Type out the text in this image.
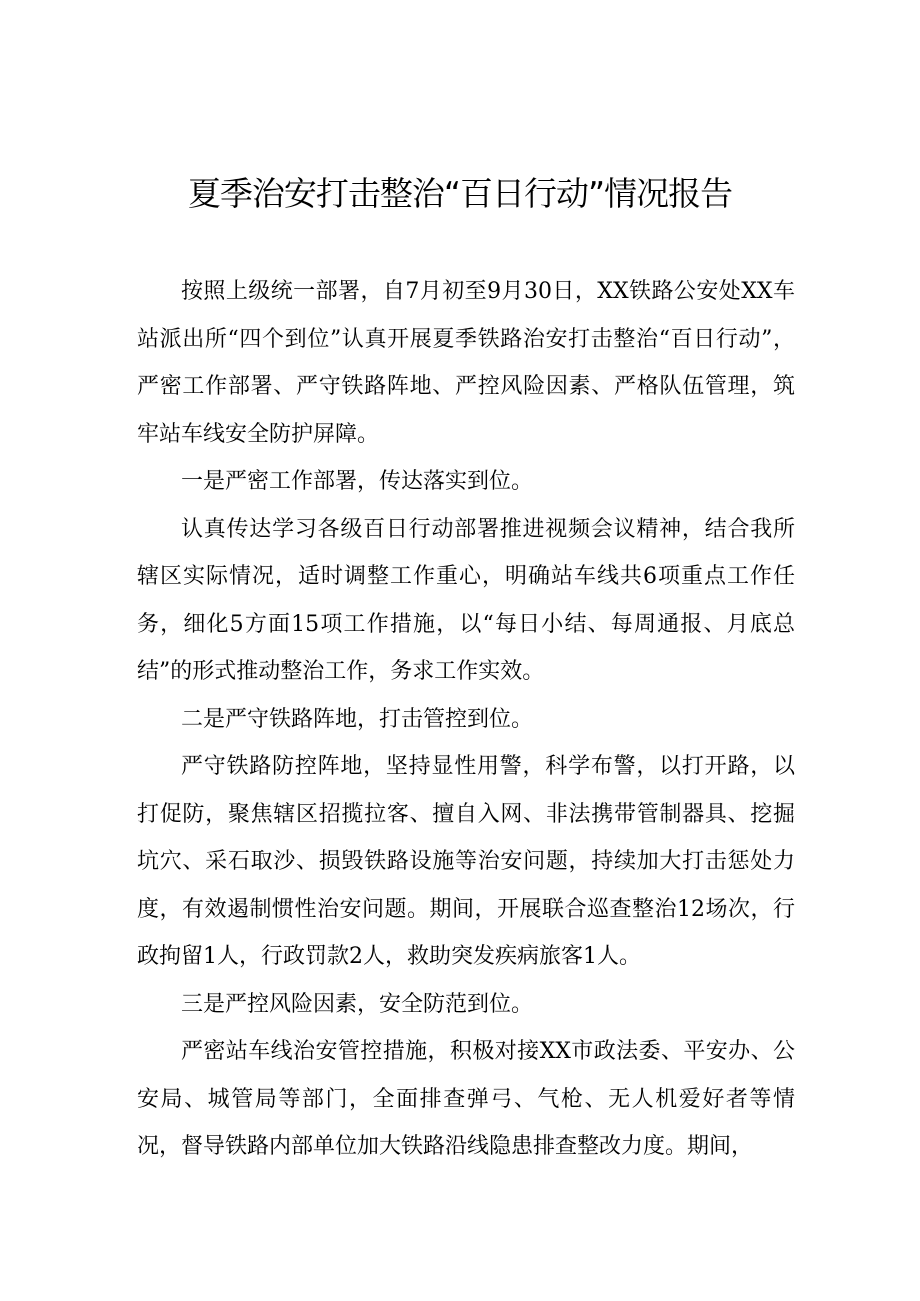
夏季治安打击整治“百日行动”情况报告

按照上级统一部署，自7月初至9月30日，XX铁路公安处XX车站派出所“四个到位”认真开展夏季铁路治安打击整治“百日行动”，严密工作部署、严守铁路阵地、严控风险因素、严格队伍管理，筑牢站车线安全防护屏障。

一是严密工作部署，传达落实到位。

认真传达学习各级百日行动部署推进视频会议精神，结合我所辖区实际情况，适时调整工作重心，明确站车线共6项重点工作任务，细化5方面15项工作措施，以“每日小结、每周通报、月底总结”的形式推动整治工作，务求工作实效。

二是严守铁路阵地，打击管控到位。

严守铁路防控阵地，坚持显性用警，科学布警，以打开路，以打促防，聚焦辖区招揽拉客、擅自入网、非法携带管制器具、挖掘坑穴、采石取沙、损毁铁路设施等治安问题，持续加大打击惩处力度，有效遏制惯性治安问题。期间，开展联合巡查整治12场次，行政拘留1人，行政罚款2人，救助突发疾病旅客1人。

三是严控风险因素，安全防范到位。

严密站车线治安管控措施，积极对接XX市政法委、平安办、公安局、城管局等部门，全面排查弹弓、气枪、无人机爱好者等情况，督导铁路内部单位加大铁路沿线隐患排查整改力度。期间，
